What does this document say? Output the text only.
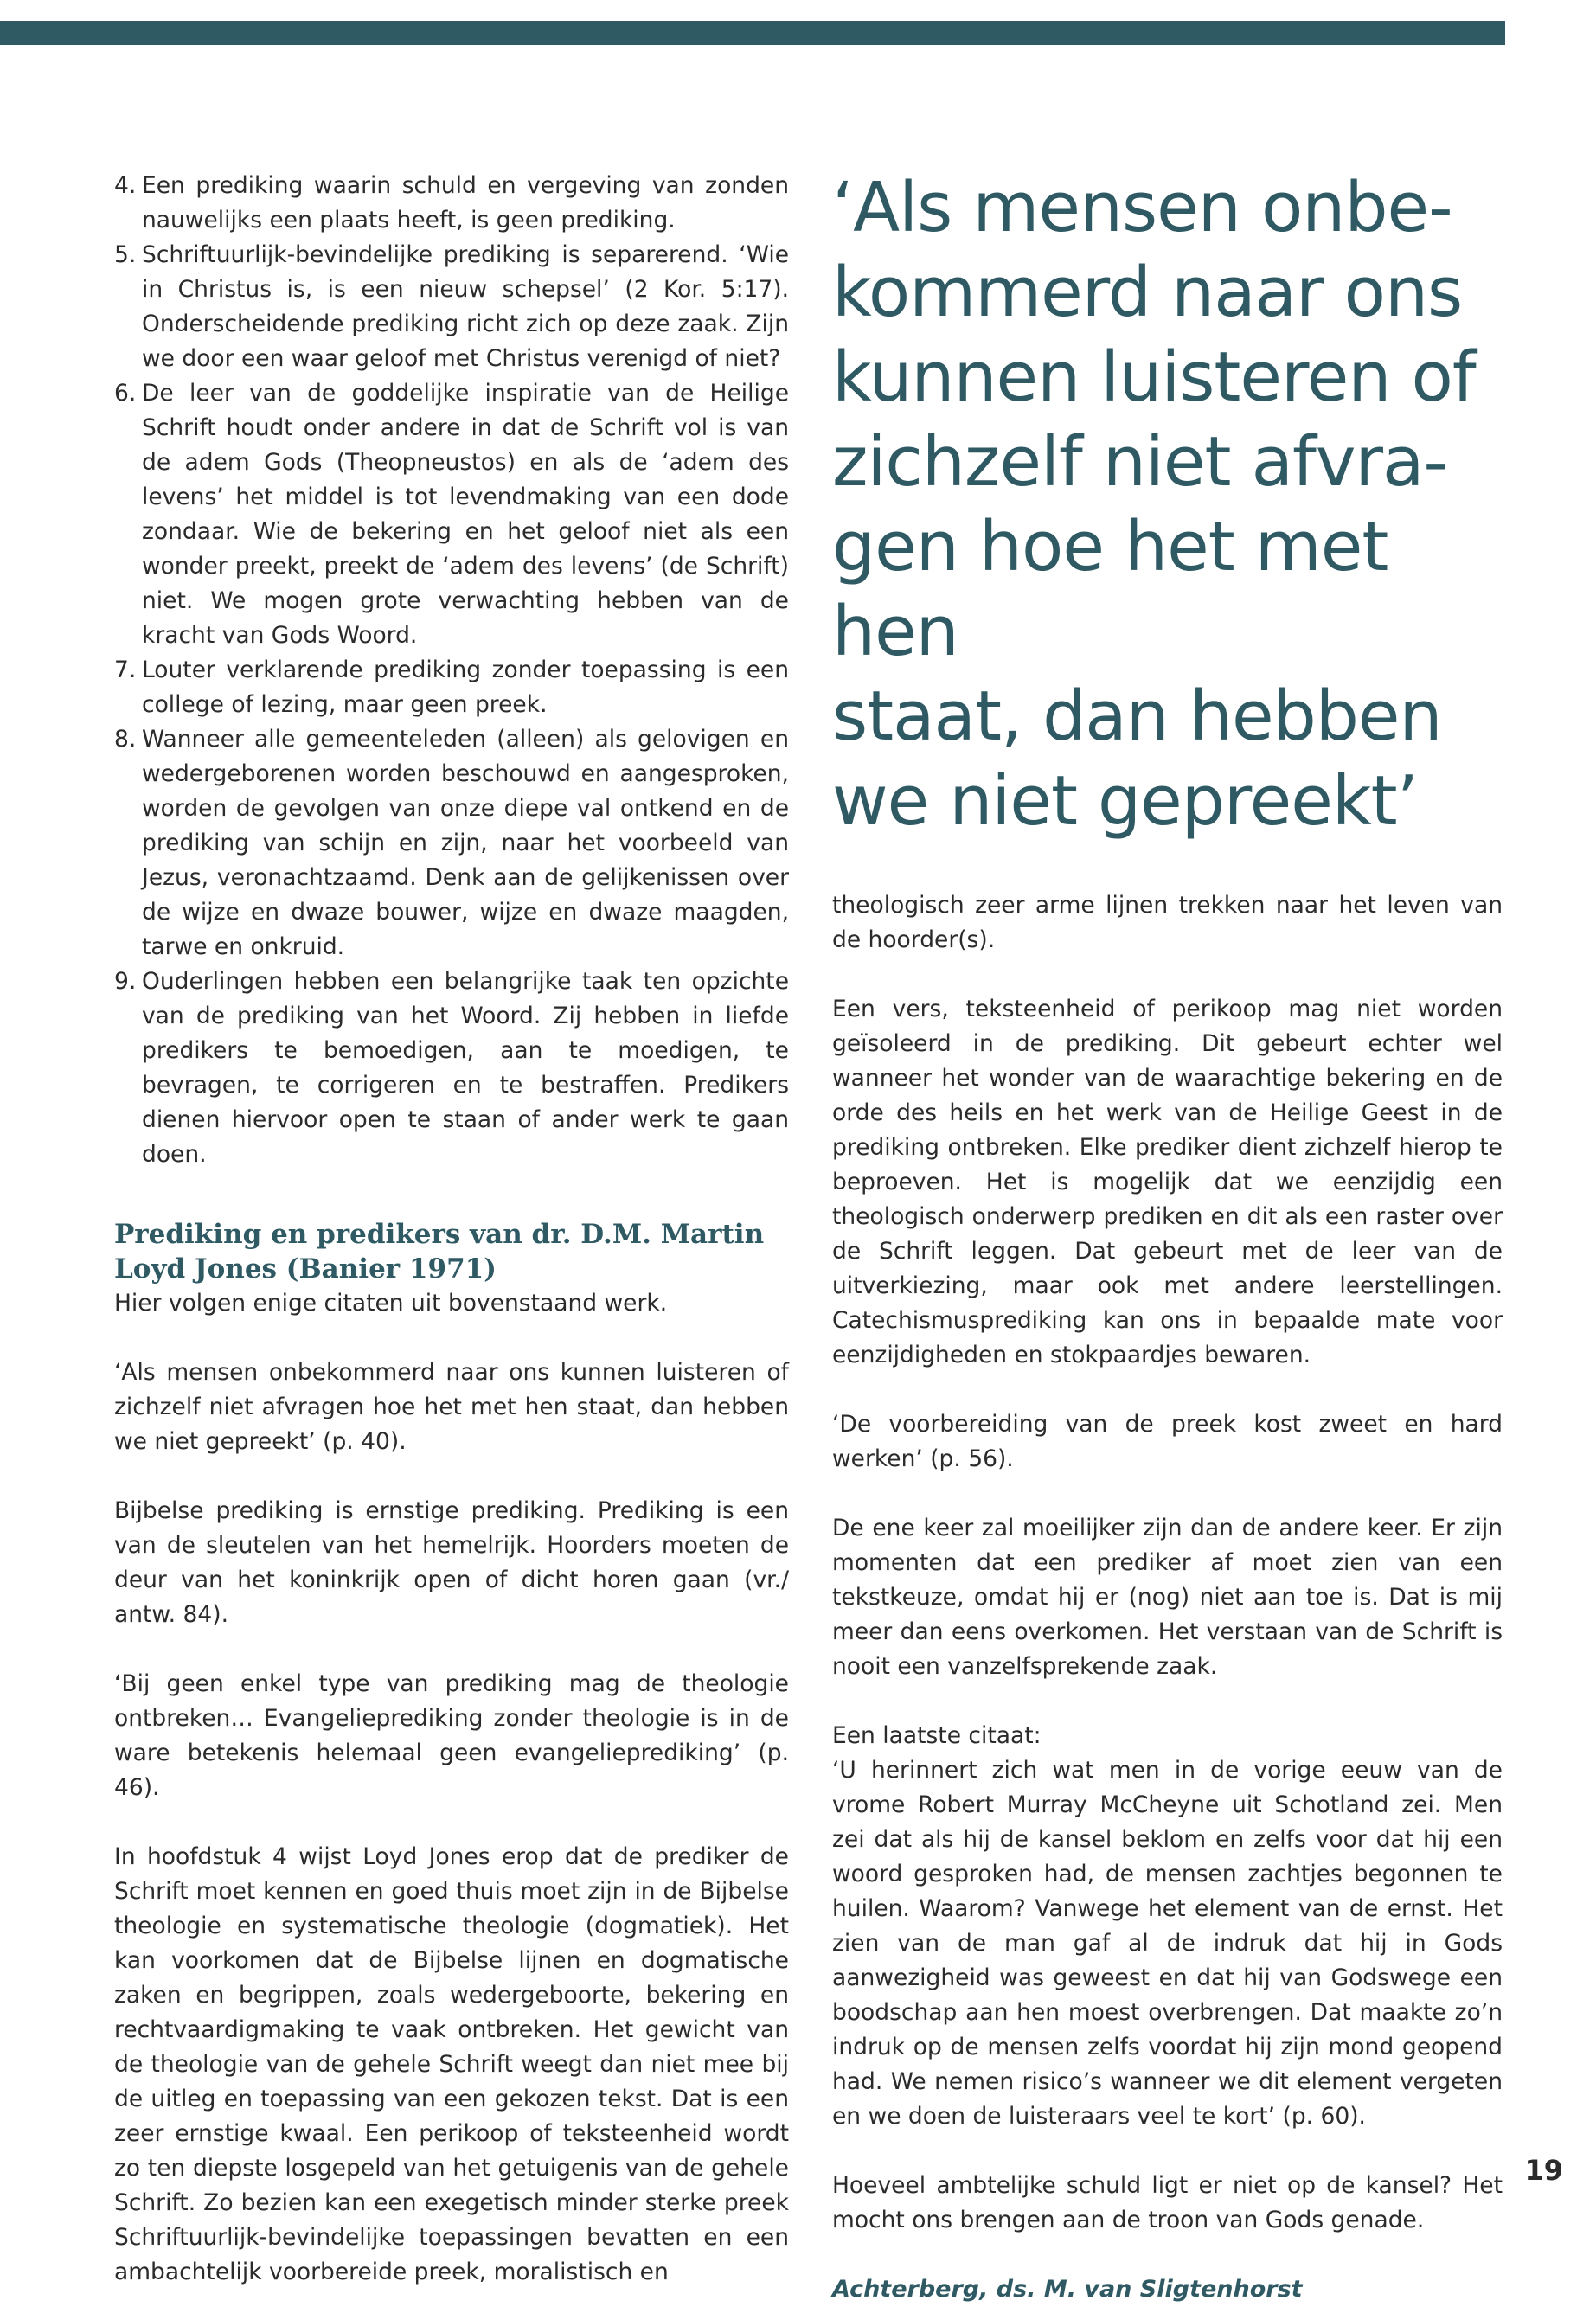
4. Een prediking waarin schuld en vergeving van zonden nauwelijks een plaats heeft, is geen prediking.
5. Schriftuurlijk-bevindelijke prediking is separerend. ‘Wie in Christus is, is een nieuw schepsel’ (2 Kor. 5:17). Onderscheidende prediking richt zich op deze zaak. Zijn we door een waar geloof met Christus verenigd of niet?
6. De leer van de goddelijke inspiratie van de Heilige Schrift houdt onder andere in dat de Schrift vol is van de adem Gods (Theopneustos) en als de ‘adem des levens’ het middel is tot levendmaking van een dode zondaar. Wie de bekering en het geloof niet als een wonder preekt, preekt de ‘adem des levens’ (de Schrift) niet. We mogen grote verwachting hebben van de kracht van Gods Woord.
7. Louter verklarende prediking zonder toepassing is een college of lezing, maar geen preek.
8. Wanneer alle gemeenteleden (alleen) als gelovigen en wedergeborenen worden beschouwd en aangesproken, worden de gevolgen van onze diepe val ontkend en de prediking van schijn en zijn, naar het voorbeeld van Jezus, veronachtzaamd. Denk aan de gelijkenissen over de wijze en dwaze bouwer, wijze en dwaze maagden, tarwe en onkruid.
9. Ouderlingen hebben een belangrijke taak ten opzichte van de prediking van het Woord. Zij hebben in liefde predikers te bemoedigen, aan te moedigen, te bevragen, te corrigeren en te bestraffen. Predikers dienen hiervoor open te staan of ander werk te gaan doen.
Prediking en predikers van dr. D.M. Martin
Loyd Jones (Banier 1971)

Hier volgen enige citaten uit bovenstaand werk.

‘Als mensen onbekommerd naar ons kunnen luisteren of zichzelf niet afvragen hoe het met hen staat, dan hebben we niet gepreekt’ (p. 40).

Bijbelse prediking is ernstige prediking. Prediking is een van de sleutelen van het hemelrijk. Hoorders moeten de deur van het koninkrijk open of dicht horen gaan (vr./ antw. 84).

‘Bij geen enkel type van prediking mag de theologie ontbreken… Evangelieprediking zonder theologie is in de ware betekenis helemaal geen evangelieprediking’ (p. 46).

In hoofdstuk 4 wijst Loyd Jones erop dat de prediker de Schrift moet kennen en goed thuis moet zijn in de Bijbelse theologie en systematische theologie (dogmatiek). Het kan voorkomen dat de Bijbelse lijnen en dogmatische zaken en begrippen, zoals wedergeboorte, bekering en rechtvaardigmaking te vaak ontbreken. Het gewicht van de theologie van de gehele Schrift weegt dan niet mee bij de uitleg en toepassing van een gekozen tekst. Dat is een zeer ernstige kwaal. Een perikoop of teksteenheid wordt zo ten diepste losgepeld van het getuigenis van de gehele Schrift. Zo bezien kan een exegetisch minder sterke preek Schriftuurlijk-bevindelijke toepassingen bevatten en een ambachtelijk voorbereide preek, moralistisch en

‘Als mensen onbe-
kommerd naar ons
kunnen luisteren of
zichzelf niet afvra-
gen hoe het met hen
staat, dan hebben
we niet gepreekt’

theologisch zeer arme lijnen trekken naar het leven van de hoorder(s).

Een vers, teksteenheid of perikoop mag niet worden geïsoleerd in de prediking. Dit gebeurt echter wel wanneer het wonder van de waarachtige bekering en de orde des heils en het werk van de Heilige Geest in de prediking ontbreken. Elke prediker dient zichzelf hierop te beproeven. Het is mogelijk dat we eenzijdig een theologisch onderwerp prediken en dit als een raster over de Schrift leggen. Dat gebeurt met de leer van de uitverkiezing, maar ook met andere leerstellingen. Catechismusprediking kan ons in bepaalde mate voor eenzijdigheden en stokpaardjes bewaren.

‘De voorbereiding van de preek kost zweet en hard werken’ (p. 56).

De ene keer zal moeilijker zijn dan de andere keer. Er zijn momenten dat een prediker af moet zien van een tekstkeuze, omdat hij er (nog) niet aan toe is. Dat is mij meer dan eens overkomen. Het verstaan van de Schrift is nooit een vanzelfsprekende zaak.

Een laatste citaat:
‘U herinnert zich wat men in de vorige eeuw van de vrome Robert Murray McCheyne uit Schotland zei. Men zei dat als hij de kansel beklom en zelfs voor dat hij een woord gesproken had, de mensen zachtjes begonnen te huilen. Waarom? Vanwege het element van de ernst. Het zien van de man gaf al de indruk dat hij in Gods aanwezigheid was geweest en dat hij van Godswege een boodschap aan hen moest overbrengen. Dat maakte zo’n indruk op de mensen zelfs voordat hij zijn mond geopend had. We nemen risico’s wanneer we dit element vergeten en we doen de luisteraars veel te kort’ (p. 60).

Hoeveel ambtelijke schuld ligt er niet op de kansel? Het mocht ons brengen aan de troon van Gods genade.

Achterberg, ds. M. van Sligtenhorst
19
